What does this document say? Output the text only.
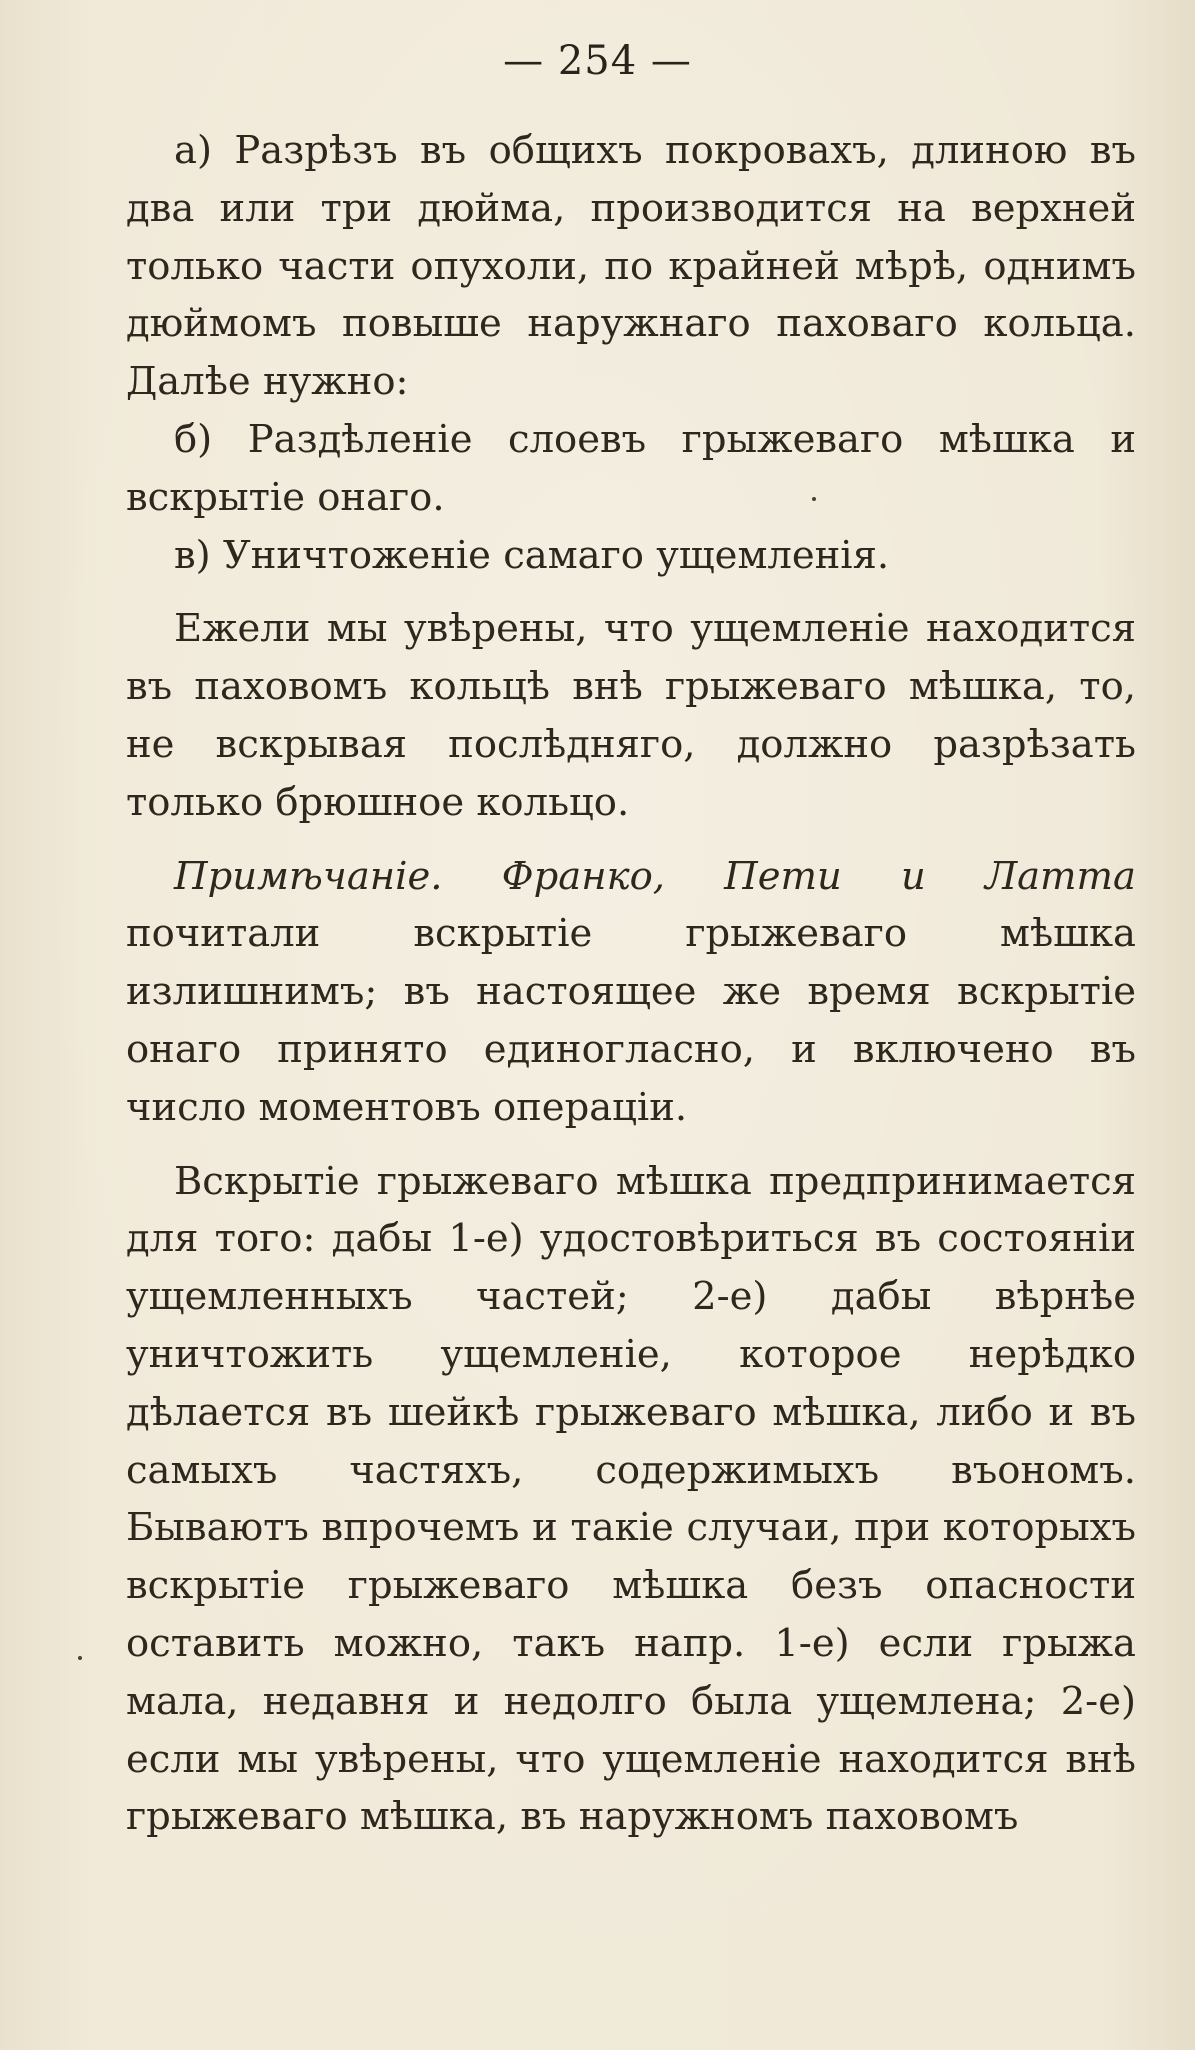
— 254 —

а) Разрѣзъ въ общихъ покровахъ, длиною въ два или три дюйма, производится на верхней только части опухоли, по крайней мѣрѣ, однимъ дюймомъ повыше наружнаго паховаго кольца. Далѣе нужно:

б) Раздѣленіе слоевъ грыжеваго мѣшка и вскрытіе онаго.

в) Уничтоженіе самаго ущемленія.

Ежели мы увѣрены, что ущемленіе находится въ паховомъ кольцѣ внѣ грыжеваго мѣшка, то, не вскрывая послѣдняго, должно разрѣзать только брюшное кольцо.

Примѣчаніе. Франко, Пети и Латта почитали вскрытіе грыжеваго мѣшка излишнимъ; въ настоящее же время вскрытіе онаго принято единогласно, и включено въ число моментовъ операціи.

Вскрытіе грыжеваго мѣшка предпринимается для того: дабы 1-е) удостовѣриться въ состояніи ущемленныхъ частей; 2-е) дабы вѣрнѣе уничтожить ущемленіе, которое нерѣдко дѣлается въ шейкѣ грыжеваго мѣшка, либо и въ самыхъ частяхъ, содержимыхъ въономъ. Бываютъ впрочемъ и такіе случаи, при которыхъ вскрытіе грыжеваго мѣшка безъ опасности оставить можно, такъ напр. 1-е) если грыжа мала, недавня и недолго была ущемлена; 2-е) если мы увѣрены, что ущемленіе находится внѣ грыжеваго мѣшка, въ наружномъ паховомъ
